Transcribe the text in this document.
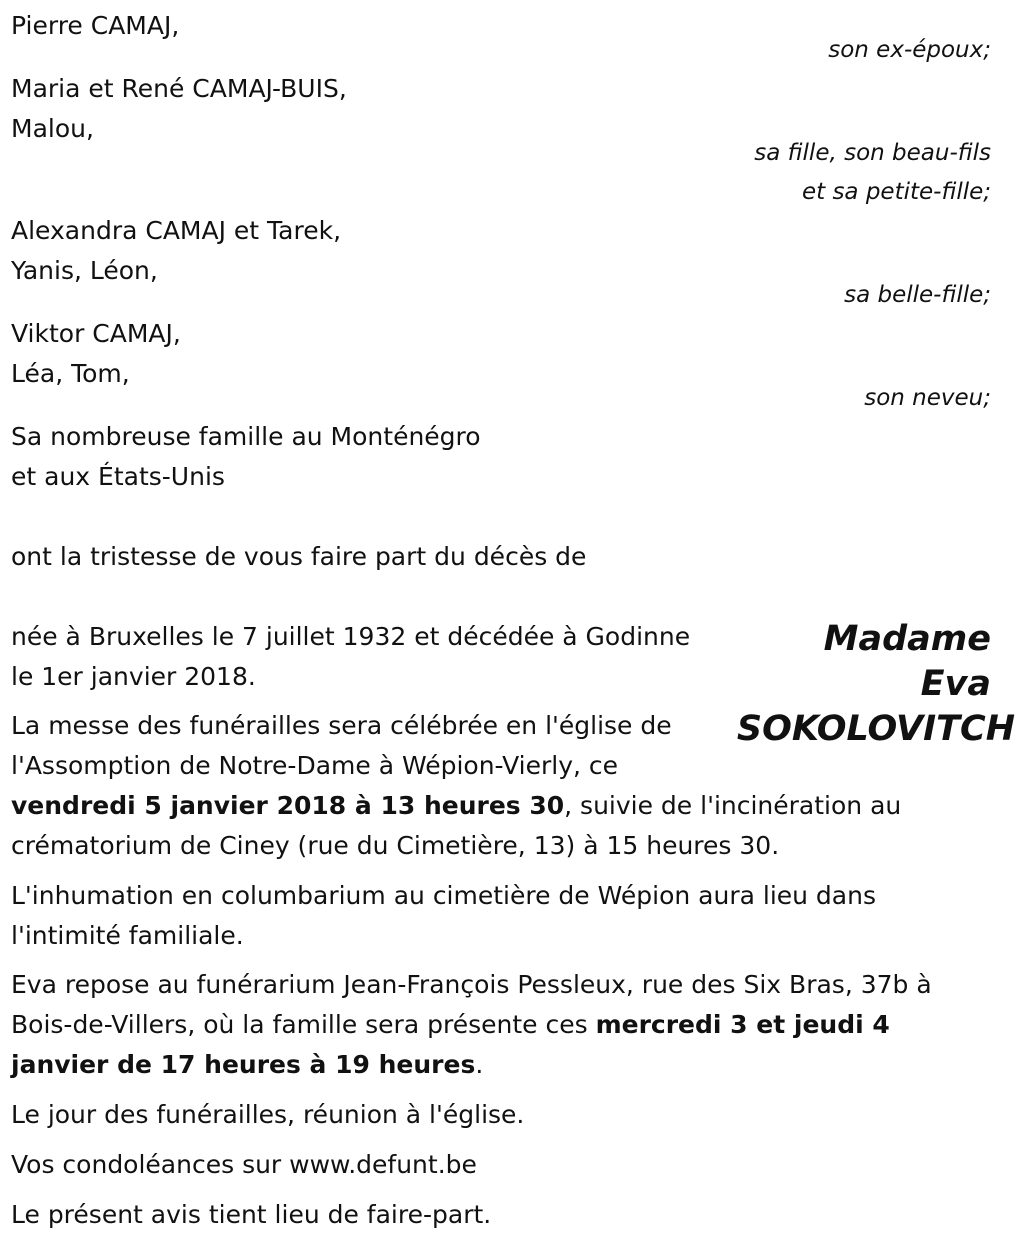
Pierre CAMAJ,

son ex-époux;

Maria et René CAMAJ-BUIS,

Malou,

sa fille, son beau-fils

et sa petite-fille;

Alexandra CAMAJ et Tarek,

Yanis, Léon,

sa belle-fille;

Viktor CAMAJ,

Léa, Tom,

son neveu;

Sa nombreuse famille au Monténégro

et aux États-Unis

ont la tristesse de vous faire part du décès de

Madame
Eva
SOKOLOVITCH

née à Bruxelles le 7 juillet 1932 et décédée à Godinne

le 1er janvier 2018.

La messe des funérailles sera célébrée en l'église de

l'Assomption de Notre-Dame à Wépion-Vierly, ce

vendredi 5 janvier 2018 à 13 heures 30, suivie de l'incinération au

crématorium de Ciney (rue du Cimetière, 13) à 15 heures 30.

L'inhumation en columbarium au cimetière de Wépion aura lieu dans

l'intimité familiale.

Eva repose au funérarium Jean-François Pessleux, rue des Six Bras, 37b à

Bois-de-Villers, où la famille sera présente ces mercredi 3 et jeudi 4

janvier de 17 heures à 19 heures.

Le jour des funérailles, réunion à l'église.

Vos condoléances sur www.defunt.be

Le présent avis tient lieu de faire-part.
